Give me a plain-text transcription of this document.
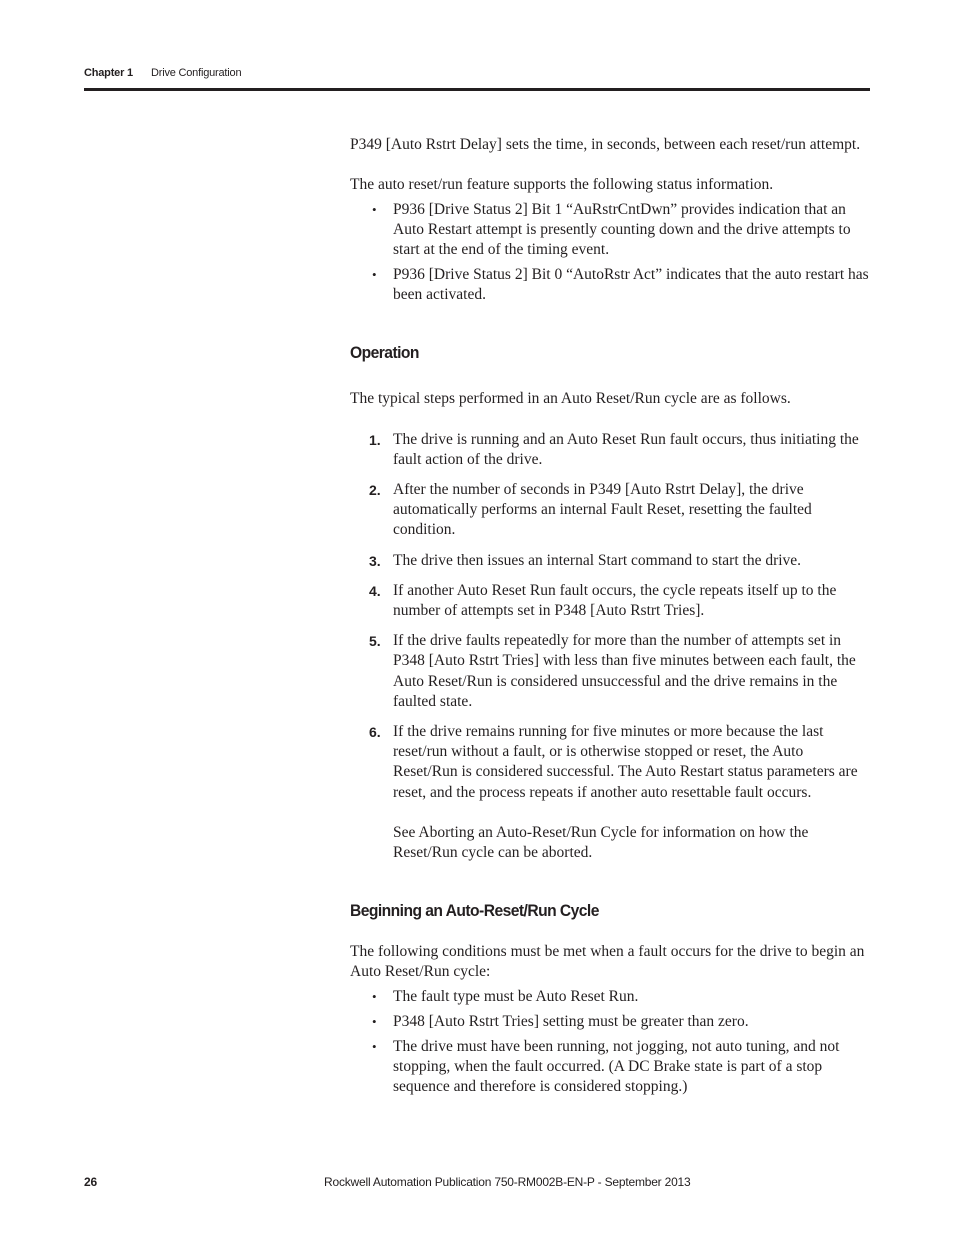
Chapter 1 Drive Configuration

P349 [Auto Rstrt Delay] sets the time, in seconds, between each reset/run attempt.

The auto reset/run feature supports the following status information.

• P936 [Drive Status 2] Bit 1 “AuRstrCntDwn” provides indication that an Auto Restart attempt is presently counting down and the drive attempts to start at the end of the timing event.
• P936 [Drive Status 2] Bit 0 “AutoRstr Act” indicates that the auto restart has been activated.
Operation

The typical steps performed in an Auto Reset/Run cycle are as follows.

1. The drive is running and an Auto Reset Run fault occurs, thus initiating the fault action of the drive.
2. After the number of seconds in P349 [Auto Rstrt Delay], the drive automatically performs an internal Fault Reset, resetting the faulted condition.
3. The drive then issues an internal Start command to start the drive.
4. If another Auto Reset Run fault occurs, the cycle repeats itself up to the number of attempts set in P348 [Auto Rstrt Tries].
5. If the drive faults repeatedly for more than the number of attempts set in P348 [Auto Rstrt Tries] with less than five minutes between each fault, the Auto Reset/Run is considered unsuccessful and the drive remains in the faulted state.
6. If the drive remains running for five minutes or more because the last reset/run without a fault, or is otherwise stopped or reset, the Auto Reset/Run is considered successful. The Auto Restart status parameters are reset, and the process repeats if another auto resettable fault occurs.
See Aborting an Auto-Reset/Run Cycle for information on how the Reset/Run cycle can be aborted.
Beginning an Auto-Reset/Run Cycle

The following conditions must be met when a fault occurs for the drive to begin an Auto Reset/Run cycle:

• The fault type must be Auto Reset Run.
• P348 [Auto Rstrt Tries] setting must be greater than zero.
• The drive must have been running, not jogging, not auto tuning, and not stopping, when the fault occurred. (A DC Brake state is part of a stop sequence and therefore is considered stopping.)
26	Rockwell Automation Publication 750-RM002B-EN-P - September 2013
